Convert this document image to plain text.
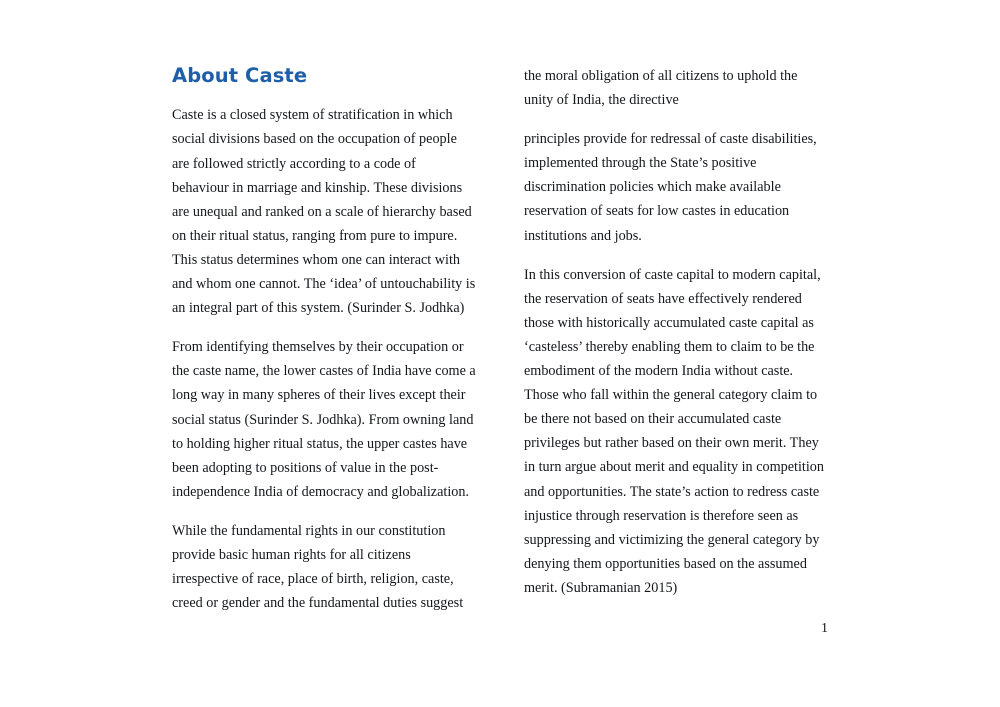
About Caste

Caste is a closed system of stratification in which social divisions based on the occupation of people are followed strictly according to a code of behaviour in marriage and kinship. These divisions are unequal and ranked on a scale of hierarchy based on their ritual status, ranging from pure to impure. This status determines whom one can interact with and whom one cannot. The ‘idea’ of untouchability is an integral part of this system. (Surinder S. Jodhka)

From identifying themselves by their occupation or the caste name, the lower castes of India have come a long way in many spheres of their lives except their social status (Surinder S. Jodhka). From owning land to holding higher ritual status, the upper castes have been adopting to positions of value in the post-independence India of democracy and globalization.

While the fundamental rights in our constitution provide basic human rights for all citizens irrespective of race, place of birth, religion, caste, creed or gender and the fundamental duties suggest the moral obligation of all citizens to uphold the unity of India, the directive

principles provide for redressal of caste disabilities, implemented through the State’s positive discrimination policies which make available reservation of seats for low castes in education institutions and jobs.

In this conversion of caste capital to modern capital, the reservation of seats have effectively rendered those with historically accumulated caste capital as ‘casteless’ thereby enabling them to claim to be the embodiment of the modern India without caste. Those who fall within the general category claim to be there not based on their accumulated caste privileges but rather based on their own merit. They in turn argue about merit and equality in competition and opportunities. The state’s action to redress caste injustice through reservation is therefore seen as suppressing and victimizing the general category by denying them opportunities based on the assumed merit. (Subramanian 2015)

1
